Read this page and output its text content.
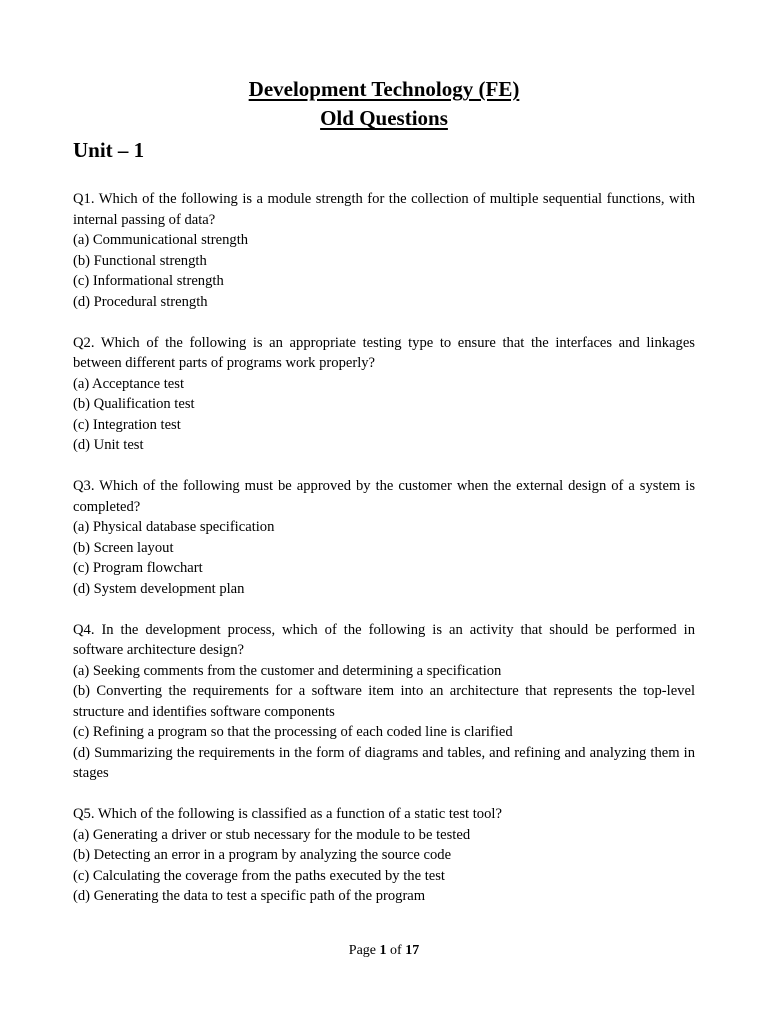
Development Technology (FE)
Old Questions
Unit – 1

Q1. Which of the following is a module strength for the collection of multiple sequential functions, with internal passing of data?

(a) Communicational strength

(b) Functional strength

(c) Informational strength

(d) Procedural strength

Q2. Which of the following is an appropriate testing type to ensure that the interfaces and linkages between different parts of programs work properly?

(a) Acceptance test

(b) Qualification test

(c) Integration test

(d) Unit test

Q3. Which of the following must be approved by the customer when the external design of a system is completed?

(a) Physical database specification

(b) Screen layout

(c) Program flowchart

(d) System development plan

Q4. In the development process, which of the following is an activity that should be performed in software architecture design?

(a) Seeking comments from the customer and determining a specification

(b) Converting the requirements for a software item into an architecture that represents the top-level structure and identifies software components

(c) Refining a program so that the processing of each coded line is clarified

(d) Summarizing the requirements in the form of diagrams and tables, and refining and analyzing them in stages

Q5. Which of the following is classified as a function of a static test tool?

(a) Generating a driver or stub necessary for the module to be tested

(b) Detecting an error in a program by analyzing the source code

(c) Calculating the coverage from the paths executed by the test

(d) Generating the data to test a specific path of the program

Page 1 of 17
